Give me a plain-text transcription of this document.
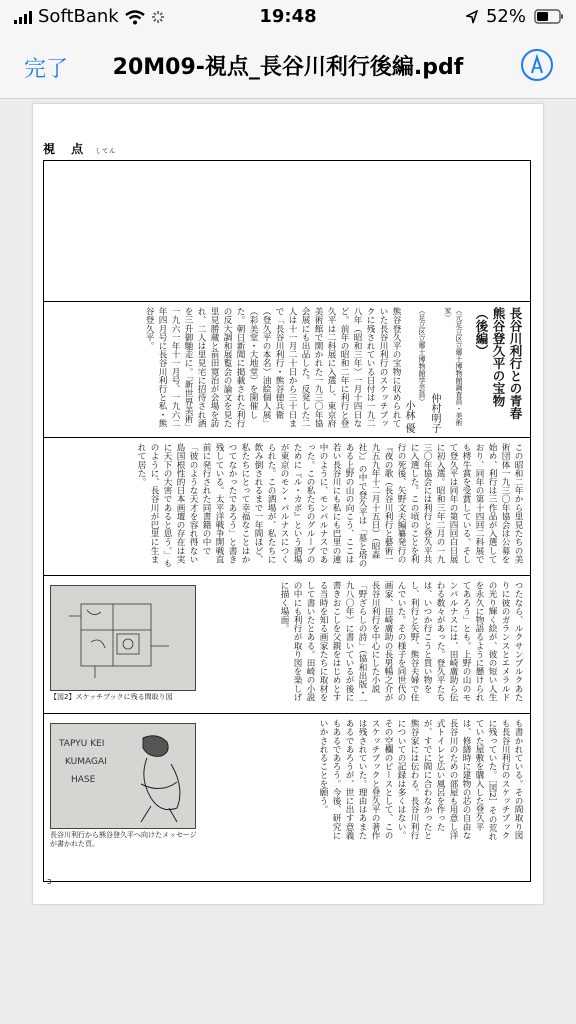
SoftBank	19:48	52%
完了	20M09-視点_長谷川利行後編.pdf
視 点 してん
長谷川利行との青春
熊谷登久平の宝物
（後編）
（元足立区立郷土博物館調査員・美術家）
仲村明子
（足立区立郷土博物館学芸員）
小林 優
熊谷登久平の宝物に収められていた長谷川利行のスケッチブックに残されている日付は一九二八年（昭和三年）一月十四日など。前年の昭和二年に利行と登久平は二科展に入選し、東京府美術館で開かれた一九三〇年協会展にも出品した。反発した二人は十一月二十日から三十日まで「長谷川利行・熊谷徳兵衛（登久平の本名）油絵個人展」（彩美堂・大地堂）を開催した。朝日新聞に掲載された利行の反大調和展覧会の論文を見た里見勝蔵と前田寛治が会場を訪れ、二人は里見宅に招待され酒を三升御馳走に。「新世界美術」一九六一年十一月号、一九六二年四月号に長谷川利行と私・熊谷登久平。
この昭和二年から里見たちの美術団体一九三〇年協会は公募を始め、利行は三作品が入選しており、同年の第十四回二科展でも樗牛賞を受賞している。そして登久平は同年の第四回白日展に初入選。昭和三年二月の一九三〇年協会には利行と登久平共に入選した。この頃のことを利行の死後、矢野文夫編纂発行の『夜の歌（長谷川利行と藝術一九五九年十二月十五日）（昭森社）』の中で登久平は「墓と塔のある上野の山の向こう、ここは若い長谷川にも私にも巴里の連中のように、モンパルナスであった。この私たちのグループのために『ル・カボ』という洒場が東京のモン・パルナスにつくられた。この洒場が、私たちに飲み倒されるまで一年間ほど、私たちにとって幸福なことはかつてなかったであろう」と書き残している。太平洋戦争開戦直前に発行された同書籍の中で「彼のような天才を容れ得ない島国根性的日本画壇の存在は実に天下の大害であると思う。」ものように、長谷川が巴里に生まれて居た。
つたなら、ルクサンブルクあたりに彼のガランスとエメラルドの光り輝く絵が、彼の短い人生を永久に物語るように懸けられてあろう」とも。上野の山のモンパルナスには、田崎廣助ら伝わる数々があった。登久平たちは、いつか行こうと買い物をし、利行と矢野、熊谷夫婦で住んでいた。その様子を同世代の画家、田崎廣助の長男暢之介が長谷川利行を中心にした小説「野ざらしの詩」（協和出版・一九八〇年）に書いているが後に書きおこしを父親をはじめとする当時を知る画家たちに取材をして書いたとある。田崎の小説の中にも利行が取り図を楽しげに描く場面。
【図2】スケッチブックに残る間取り図
も書かれている。その間取り図も長谷川利行のスケッチブックに残っていた。［図2］その荒れていた屋敷を購入した登久平は、修繕時に建物の芯の自由な長谷川のための部屋も用意し洋式トイレと広い風呂を作ったが、すでに間に合わなかったと熊谷家には伝わる。長谷川利行についての記録は多くはない。その空欄のピースとして、このスケッチブックと登久平の著作は残されていた。理由はあまたあるであろうが、世に出す意義もあるであろう。今後、研究にいかされることを願う。
TAPYU KEI
KUMAGAI
HASE
長谷川利行から熊谷登久平へ向けたメッセージが書かれた頁。
3
